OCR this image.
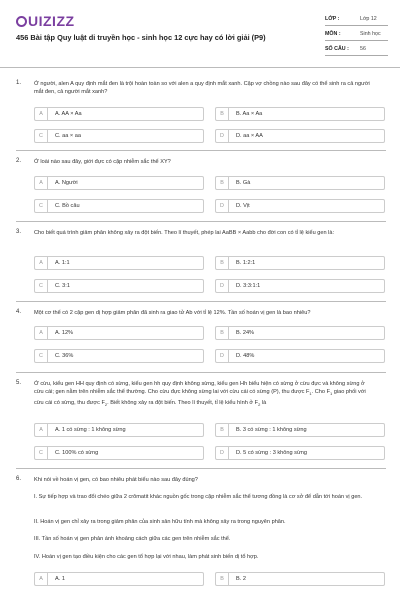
UIZIZZ
456 Bài tập Quy luật di truyền học - sinh học 12 cực hay có lời giải (P9)
LỚP :	Lớp 12
MÔN :	Sinh học
SỐ CÂU : 56
1. Ở người, alen A quy định mắt đen là trội hoàn toàn so với alen a quy định mắt xanh. Cặp vợ chồng nào sau đây có thể sinh ra cả người mắt đen, cả người mắt xanh?
A	A. AA × Aa	B	B. Aa × Aa
C	C. aa × aa	D	D. aa × AA
2. Ở loài nào sau đây, giới đực có cặp nhiễm sắc thể XY?
A	A. Người	B	B. Gà
C	C. Bồ câu	D	D. Vịt
3. Cho biết quá trình giảm phân không xảy ra đột biến. Theo lí thuyết, phép lai AaBB × Aabb cho đời con có tỉ lệ kiểu gen là:
A	A. 1:1	B	B. 1:2:1
C	C. 3:1	D	D. 3:3:1:1
4. Một cơ thể có 2 cặp gen dị hợp giảm phân đã sinh ra giao tử Ab với tỉ lệ 12%. Tần số hoán vị gen là bao nhiêu?
A	A. 12%	B	B. 24%
C	C. 36%	D	D. 48%
5. Ở cừu, kiểu gen HH quy định có sừng, kiểu gen hh quy định không sừng, kiểu gen Hh biểu hiện có sừng ở cừu đực và không sừng ở cừu cái; gen nằm trên nhiễm sắc thể thường. Cho cừu đực không sừng lai với cừu cái có sừng (P), thu được $F_1$. Cho $F_1$ giao phối với cừu cái có sừng, thu được $F_2$. Biết không xảy ra đột biến. Theo lí thuyết, tỉ lệ kiểu hình ở $F_2$ là
A	A. 1 có sừng : 1 không sừng	B	B. 3 có sừng : 1 không sừng
C	C. 100% có sừng	D	D. 5 có sừng : 3 không sừng
6. Khi nói về hoán vị gen, có bao nhiêu phát biểu nào sau đây đúng?
I. Sự tiếp hợp và trao đổi chéo giữa 2 crômatit khác nguồn gốc trong cặp nhiễm sắc thể tương đồng là cơ sở để dẫn tới hoán vị gen.
II. Hoán vị gen chỉ xảy ra trong giảm phân của sinh sản hữu tính mà không xảy ra trong nguyên phân.
III. Tần số hoán vị gen phản ánh khoảng cách giữa các gen trên nhiễm sắc thể.
IV. Hoán vị gen tạo điều kiện cho các gen tổ hợp lại với nhau, làm phát sinh biến dị tổ hợp.
A	A. 1	B	B. 2
